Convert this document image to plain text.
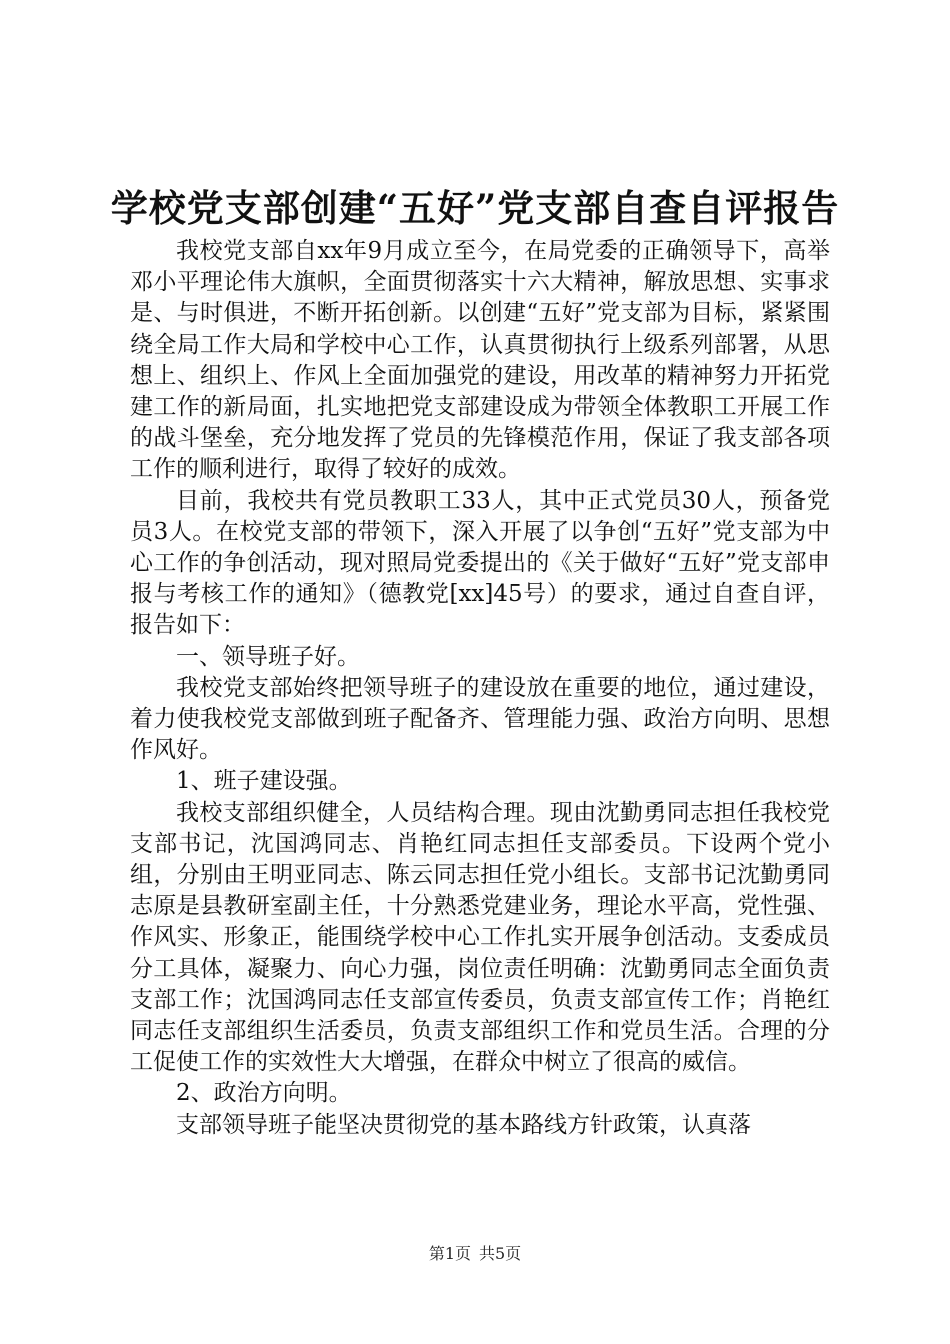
学校党支部创建“五好”党支部自查自评报告

我校党支部自xx年9月成立至今，在局党委的正确领导下，高举邓小平理论伟大旗帜，全面贯彻落实十六大精神，解放思想、实事求是、与时俱进，不断开拓创新。以创建“五好”党支部为目标，紧紧围绕全局工作大局和学校中心工作，认真贯彻执行上级系列部署，从思想上、组织上、作风上全面加强党的建设，用改革的精神努力开拓党建工作的新局面，扎实地把党支部建设成为带领全体教职工开展工作的战斗堡垒，充分地发挥了党员的先锋模范作用，保证了我支部各项工作的顺利进行，取得了较好的成效。

目前，我校共有党员教职工33人，其中正式党员30人，预备党员3人。在校党支部的带领下，深入开展了以争创“五好”党支部为中心工作的争创活动，现对照局党委提出的《关于做好“五好”党支部申报与考核工作的通知》（德教党[xx]45号）的要求，通过自查自评，报告如下：

一、领导班子好。

我校党支部始终把领导班子的建设放在重要的地位，通过建设，着力使我校党支部做到班子配备齐、管理能力强、政治方向明、思想作风好。

1、班子建设强。

我校支部组织健全，人员结构合理。现由沈勤勇同志担任我校党支部书记，沈国鸿同志、肖艳红同志担任支部委员。下设两个党小组，分别由王明亚同志、陈云同志担任党小组长。支部书记沈勤勇同志原是县教研室副主任，十分熟悉党建业务，理论水平高，党性强、作风实、形象正，能围绕学校中心工作扎实开展争创活动。支委成员分工具体，凝聚力、向心力强，岗位责任明确：沈勤勇同志全面负责支部工作；沈国鸿同志任支部宣传委员，负责支部宣传工作；肖艳红同志任支部组织生活委员，负责支部组织工作和党员生活。合理的分工促使工作的实效性大大增强，在群众中树立了很高的威信。

2、政治方向明。

支部领导班子能坚决贯彻党的基本路线方针政策，认真落

第1页 共5页
